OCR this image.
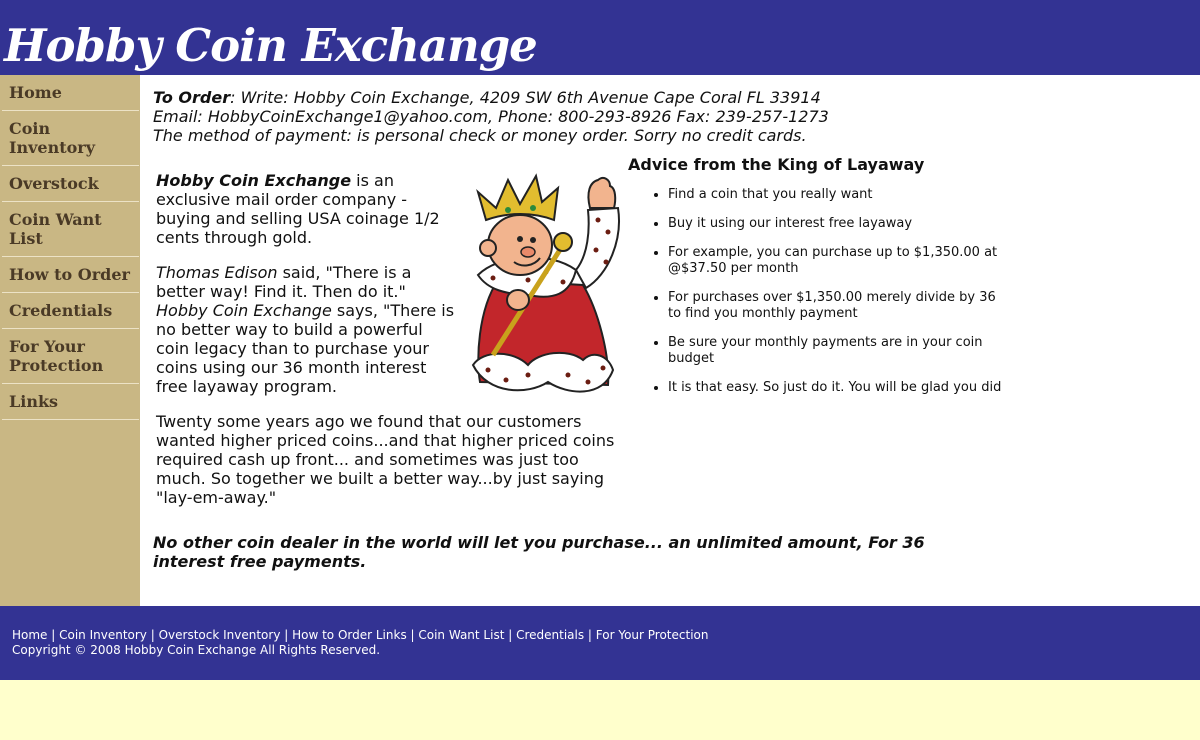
Hobby Coin Exchange
Home
Coin Inventory
Overstock
Coin Want List
How to Order
Credentials
For Your Protection
Links
To Order: Write: Hobby Coin Exchange, 4209 SW 6th Avenue Cape Coral FL 33914
Email: HobbyCoinExchange1@yahoo.com, Phone: 800-293-8926 Fax: 239-257-1273
The method of payment: is personal check or money order. Sorry no credit cards.

Hobby Coin Exchange is an exclusive mail order company - buying and selling USA coinage 1/2 cents through gold.

Thomas Edison said, "There is a better way! Find it. Then do it." Hobby Coin Exchange says, "There is no better way to build a powerful coin legacy than to purchase your coins using our 36 month interest free layaway program.

Twenty some years ago we found that our customers wanted higher priced coins...and that higher priced coins required cash up front... and sometimes was just too much. So together we built a better way...by just saying "lay-em-away."
Advice from the King of Layaway
• Find a coin that you really want
• Buy it using our interest free layaway
• For example, you can purchase up to $1,350.00 at @$37.50 per month
• For purchases over $1,350.00 merely divide by 36 to find you monthly payment
• Be sure your monthly payments are in your coin budget
• It is that easy. So just do it. You will be glad you did
No other coin dealer in the world will let you purchase... an unlimited amount, For 36 interest free payments.
Home | Coin Inventory | Overstock Inventory | How to Order Links | Coin Want List | Credentials | For Your Protection
Copyright © 2008 Hobby Coin Exchange All Rights Reserved.
